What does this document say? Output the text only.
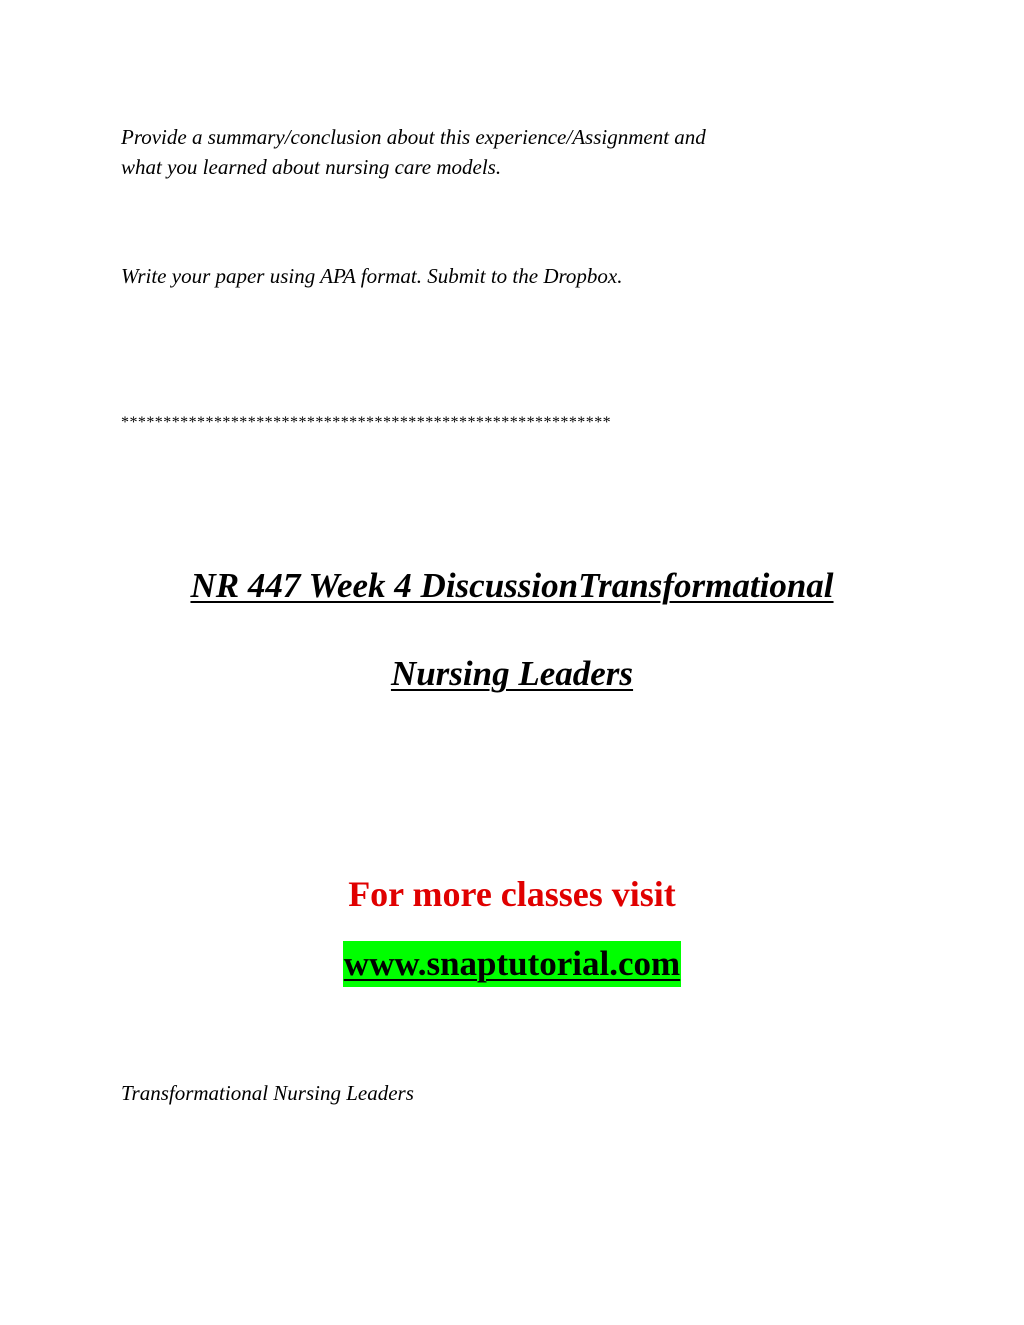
Provide a summary/conclusion about this experience/Assignment and
what you learned about nursing care models.
Write your paper using APA format. Submit to the Dropbox.
**********************************************************
NR 447 Week 4 DiscussionTransformational
Nursing Leaders
For more classes visit
www.snaptutorial.com
Transformational Nursing Leaders
